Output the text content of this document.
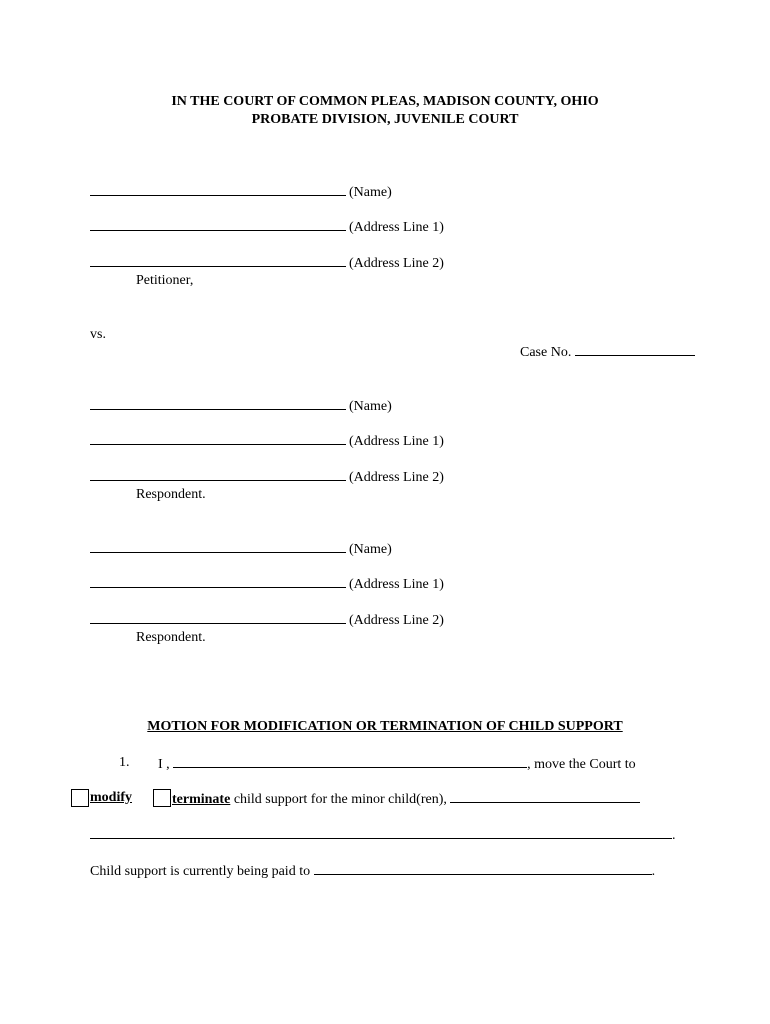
IN THE COURT OF COMMON PLEAS, MADISON COUNTY, OHIO
PROBATE DIVISION, JUVENILE COURT
(Name)
(Address Line 1)
(Address Line 2)
Petitioner,
vs.
Case No.
(Name)
(Address Line 1)
(Address Line 2)
Respondent.
(Name)
(Address Line 1)
(Address Line 2)
Respondent.
MOTION FOR MODIFICATION OR TERMINATION OF CHILD SUPPORT
1. I ,	, move the Court to
modify	terminate child support for the minor child(ren),
.
Child support is currently being paid to	.
